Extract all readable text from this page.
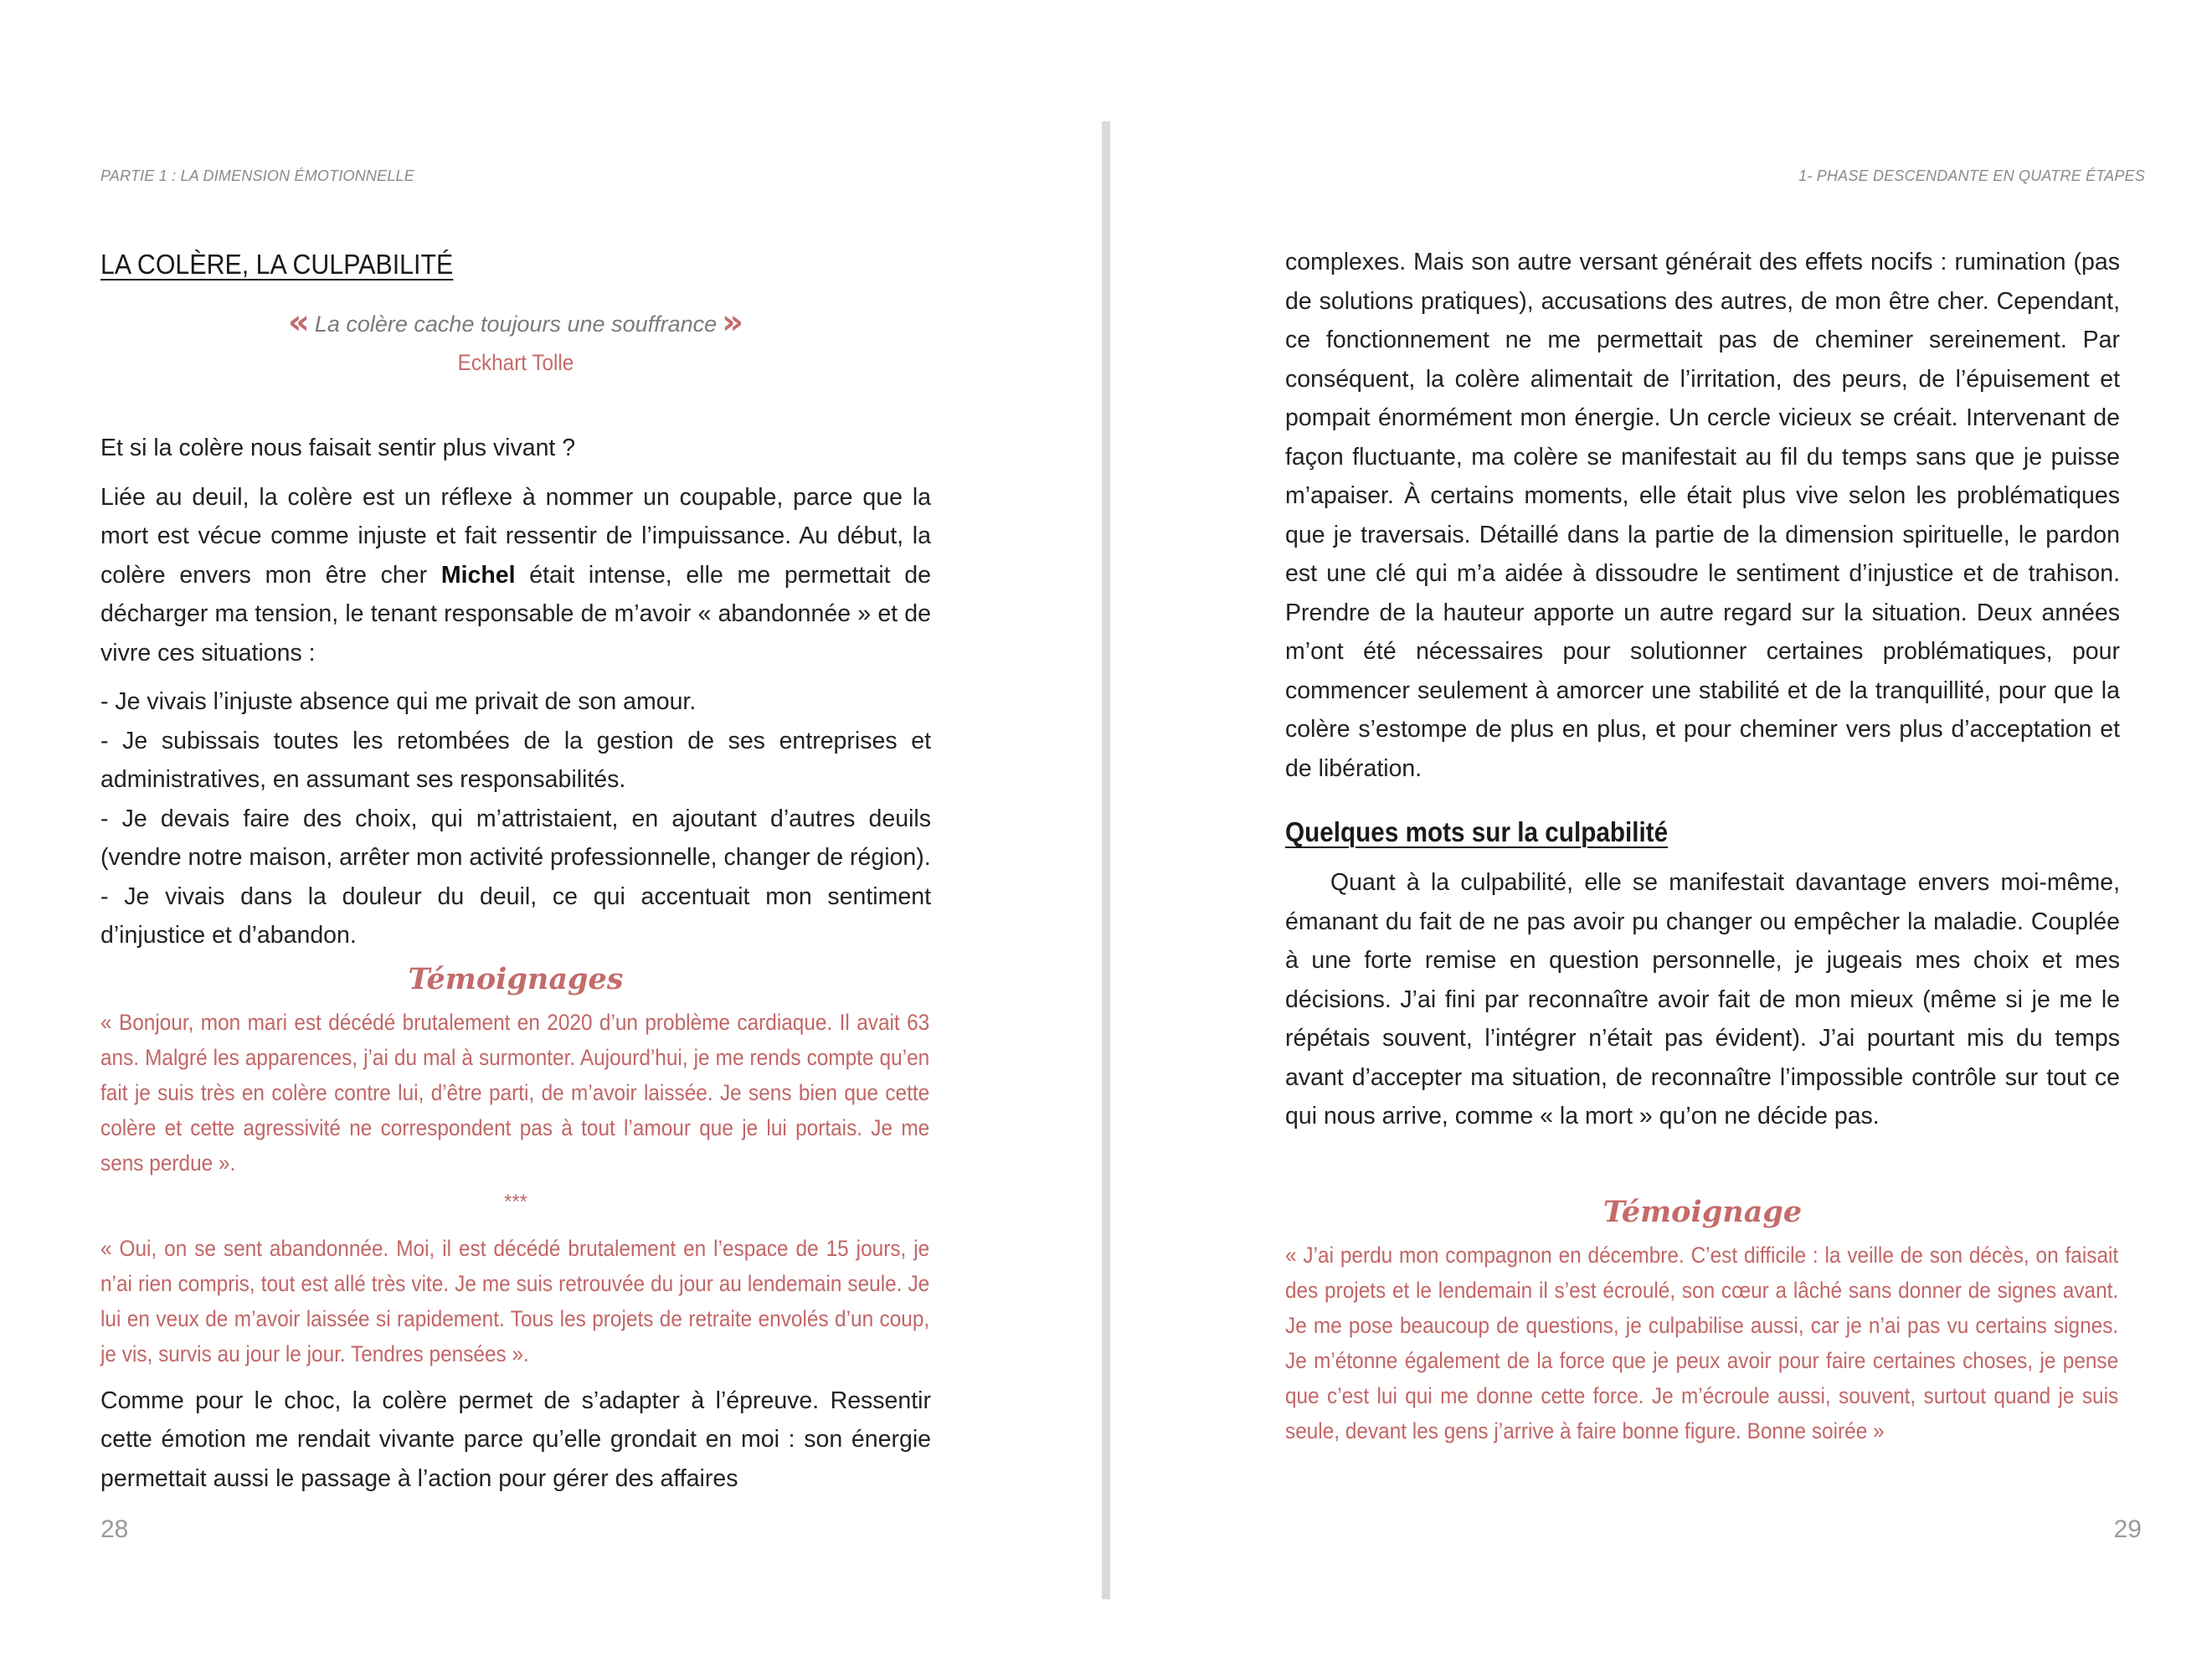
PARTIE 1 : LA DIMENSION ÉMOTIONNELLE
LA COLÈRE, LA CULPABILITÉ
« La colère cache toujours une souffrance »
Eckhart Tolle

Et si la colère nous faisait sentir plus vivant ?

Liée au deuil, la colère est un réflexe à nommer un coupable, parce que la mort est vécue comme injuste et fait ressentir de l’impuissance. Au début, la colère envers mon être cher Michel était intense, elle me permettait de décharger ma tension, le tenant responsable de m’avoir « abandonnée » et de vivre ces situations :

- Je vivais l’injuste absence qui me privait de son amour.

- Je subissais toutes les retombées de la gestion de ses entreprises et administratives, en assumant ses responsabilités.

- Je devais faire des choix, qui m’attristaient, en ajoutant d’autres deuils (vendre notre maison, arrêter mon activité professionnelle, changer de région).

- Je vivais dans la douleur du deuil, ce qui accentuait mon sentiment d’injustice et d’abandon.

Témoignages

« Bonjour, mon mari est décédé brutalement en 2020 d’un problème cardiaque. Il avait 63 ans. Malgré les apparences, j’ai du mal à surmonter. Aujourd’hui, je me rends compte qu’en fait je suis très en colère contre lui, d’être parti, de m’avoir laissée. Je sens bien que cette colère et cette agressivité ne correspondent pas à tout l’amour que je lui portais. Je me sens perdue ».

***

« Oui, on se sent abandonnée. Moi, il est décédé brutalement en l’espace de 15 jours, je n’ai rien compris, tout est allé très vite. Je me suis retrouvée du jour au lendemain seule. Je lui en veux de m’avoir laissée si rapidement. Tous les projets de retraite envolés d’un coup, je vis, survis au jour le jour. Tendres pensées ».

Comme pour le choc, la colère permet de s’adapter à l’épreuve. Ressentir cette émotion me rendait vivante parce qu’elle grondait en moi : son énergie permettait aussi le passage à l’action pour gérer des affaires

28
1- PHASE DESCENDANTE EN QUATRE ÉTAPES

complexes. Mais son autre versant générait des effets nocifs : rumination (pas de solutions pratiques), accusations des autres, de mon être cher. Cependant, ce fonctionnement ne me permettait pas de cheminer sereinement. Par conséquent, la colère alimentait de l’irritation, des peurs, de l’épuisement et pompait énormément mon énergie. Un cercle vicieux se créait. Intervenant de façon fluctuante, ma colère se manifestait au fil du temps sans que je puisse m’apaiser. À certains moments, elle était plus vive selon les problématiques que je traversais. Détaillé dans la partie de la dimension spirituelle, le pardon est une clé qui m’a aidée à dissoudre le sentiment d’injustice et de trahison. Prendre de la hauteur apporte un autre regard sur la situation. Deux années m’ont été nécessaires pour solutionner certaines problématiques, pour commencer seulement à amorcer une stabilité et de la tranquillité, pour que la colère s’estompe de plus en plus, et pour cheminer vers plus d’acceptation et de libération.

Quelques mots sur la culpabilité

Quant à la culpabilité, elle se manifestait davantage envers moi-même, émanant du fait de ne pas avoir pu changer ou empêcher la maladie. Couplée à une forte remise en question personnelle, je jugeais mes choix et mes décisions. J’ai fini par reconnaître avoir fait de mon mieux (même si je me le répétais souvent, l’intégrer n’était pas évident). J’ai pourtant mis du temps avant d’accepter ma situation, de reconnaître l’impossible contrôle sur tout ce qui nous arrive, comme « la mort » qu’on ne décide pas.

Témoignage

« J’ai perdu mon compagnon en décembre. C’est difficile : la veille de son décès, on faisait des projets et le lendemain il s’est écroulé, son cœur a lâché sans donner de signes avant. Je me pose beaucoup de questions, je culpabilise aussi, car je n’ai pas vu certains signes. Je m’étonne également de la force que je peux avoir pour faire certaines choses, je pense que c’est lui qui me donne cette force. Je m’écroule aussi, souvent, surtout quand je suis seule, devant les gens j’arrive à faire bonne figure. Bonne soirée »

29
